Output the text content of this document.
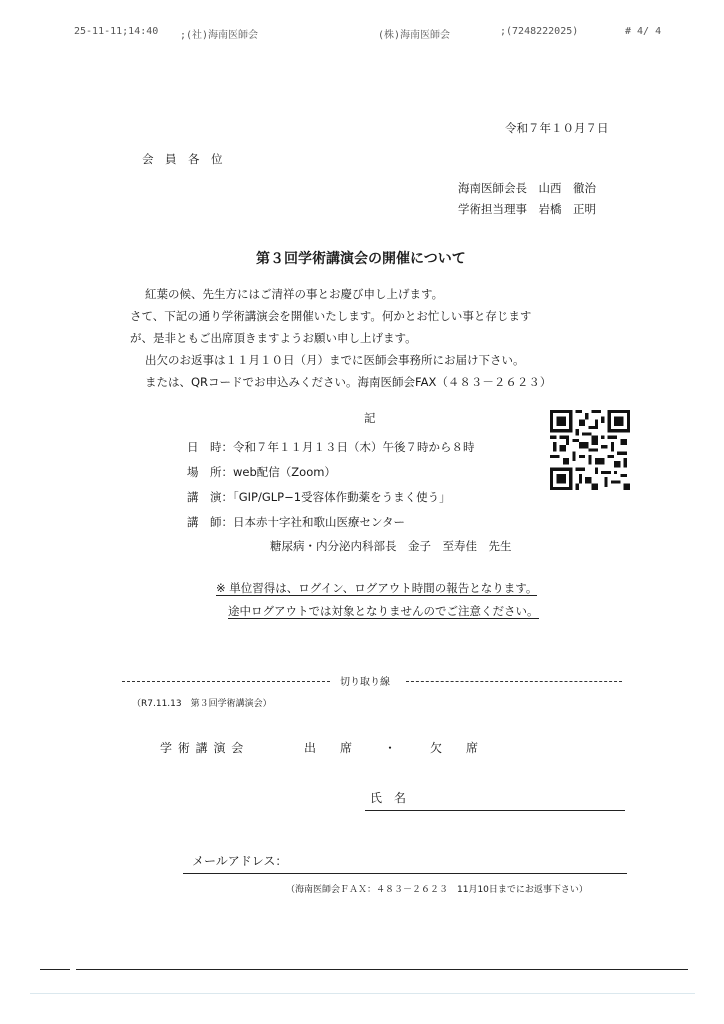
25-11-11;14:40 ;(社)海南医師会	(株)海南医師会	;(7248222025)	# 4/ 4
令和７年１０月７日
会　員　各　位
海南医師会長　山西　徹治
学術担当理事　岩橋　正明
第３回学術講演会の開催について
紅葉の候、先生方にはご清祥の事とお慶び申し上げます。
さて、下記の通り学術講演会を開催いたします。何かとお忙しい事と存じます
が、是非ともご出席頂きますようお願い申し上げます。
出欠のお返事は１１月１０日（月）までに医師会事務所にお届け下さい。
または、QRコードでお申込みください。海南医師会FAX（４８３－２６２３）
記
日　時：令和７年１１月１３日（木）午後７時から８時
場　所：web配信（Zoom）
講　演：「GIP/GLP−1受容体作動薬をうまく使う」
講　師：日本赤十字社和歌山医療センター
糖尿病・内分泌内科部長　金子　至寿佳　先生
※ 単位習得は、ログイン、ログアウト時間の報告となります。
途中ログアウトでは対象となりませんのでご注意ください。
切り取り線
（R7.11.13　第３回学術講演会）
学 術 講 演 会	出　　席	・	欠　　席
氏　名
メールアドレス：
（海南医師会ＦＡＸ：４８３－２６２３　11月10日までにお返事下さい）
